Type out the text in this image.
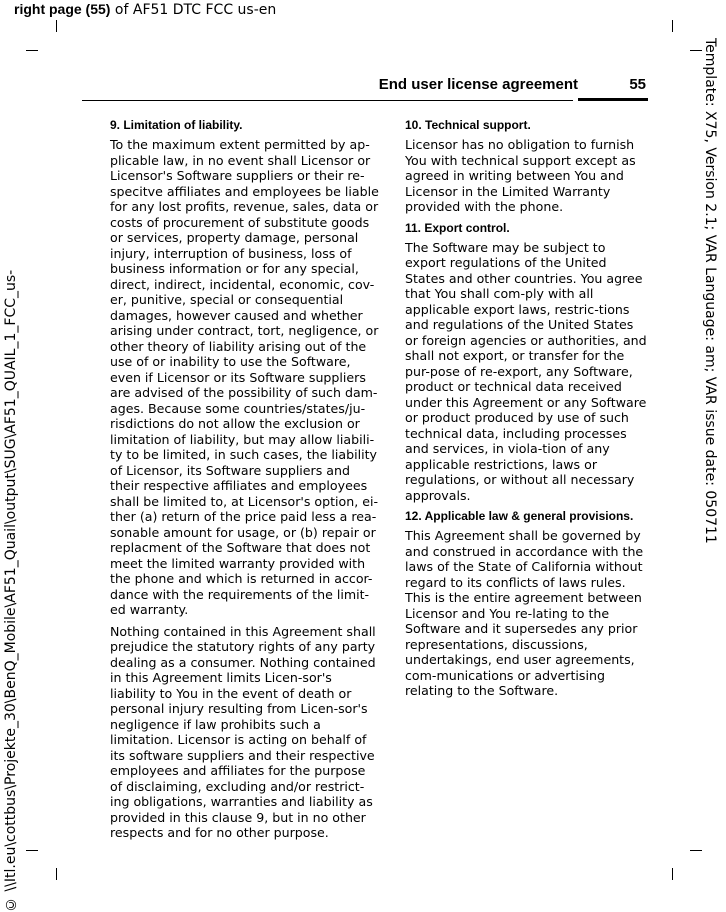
right page (55) of AF51 DTC FCC us-en
Template: X75, Version 2.1; VAR Language: am; VAR issue date: 050711
© \\Itl.eu\cottbus\Projekte_30\BenQ_Mobile\AF51_Quail\output\SUG\AF51_QUAIL_1_FCC_us-
End user license agreement	55
9. Limitation of liability.

To the maximum extent permitted by ap-plicable law, in no event shall Licensor or Licensor's Software suppliers or their re-specitve affiliates and employees be liable for any lost profits, revenue, sales, data or costs of procurement of substitute goods or services, property damage, personal injury, interruption of business, loss of business information or for any special, direct, indirect, incidental, economic, cov-er, punitive, special or consequential damages, however caused and whether arising under contract, tort, negligence, or other theory of liability arising out of the use of or inability to use the Software, even if Licensor or its Software suppliers are advised of the possibility of such dam-ages. Because some countries/states/ju-risdictions do not allow the exclusion or limitation of liability, but may allow liabili-ty to be limited, in such cases, the liability of Licensor, its Software suppliers and their respective affiliates and employees shall be limited to, at Licensor's option, ei-ther (a) return of the price paid less a rea-sonable amount for usage, or (b) repair or replacment of the Software that does not meet the limited warranty provided with the phone and which is returned in accor-dance with the requirements of the limit-ed warranty.

Nothing contained in this Agreement shall prejudice the statutory rights of any party dealing as a consumer. Nothing contained in this Agreement limits Licen-sor's liability to You in the event of death or personal injury resulting from Licen-sor's negligence if law prohibits such a limitation. Licensor is acting on behalf of its software suppliers and their respective employees and affiliates for the purpose of disclaiming, excluding and/or restrict-ing obligations, warranties and liability as provided in this clause 9, but in no other respects and for no other purpose.

10. Technical support.

Licensor has no obligation to furnish You with technical support except as agreed in writing between You and Licensor in the Limited Warranty provided with the phone.

11. Export control.

The Software may be subject to export regulations of the United States and other countries. You agree that You shall com-ply with all applicable export laws, restric-tions and regulations of the United States or foreign agencies or authorities, and shall not export, or transfer for the pur-pose of re-export, any Software, product or technical data received under this Agreement or any Software or product produced by use of such technical data, including processes and services, in viola-tion of any applicable restrictions, laws or regulations, or without all necessary approvals.

12. Applicable law & general provisions.

This Agreement shall be governed by and construed in accordance with the laws of the State of California without regard to its conflicts of laws rules. This is the entire agreement between Licensor and You re-lating to the Software and it supersedes any prior representations, discussions, undertakings, end user agreements, com-munications or advertising relating to the Software.
